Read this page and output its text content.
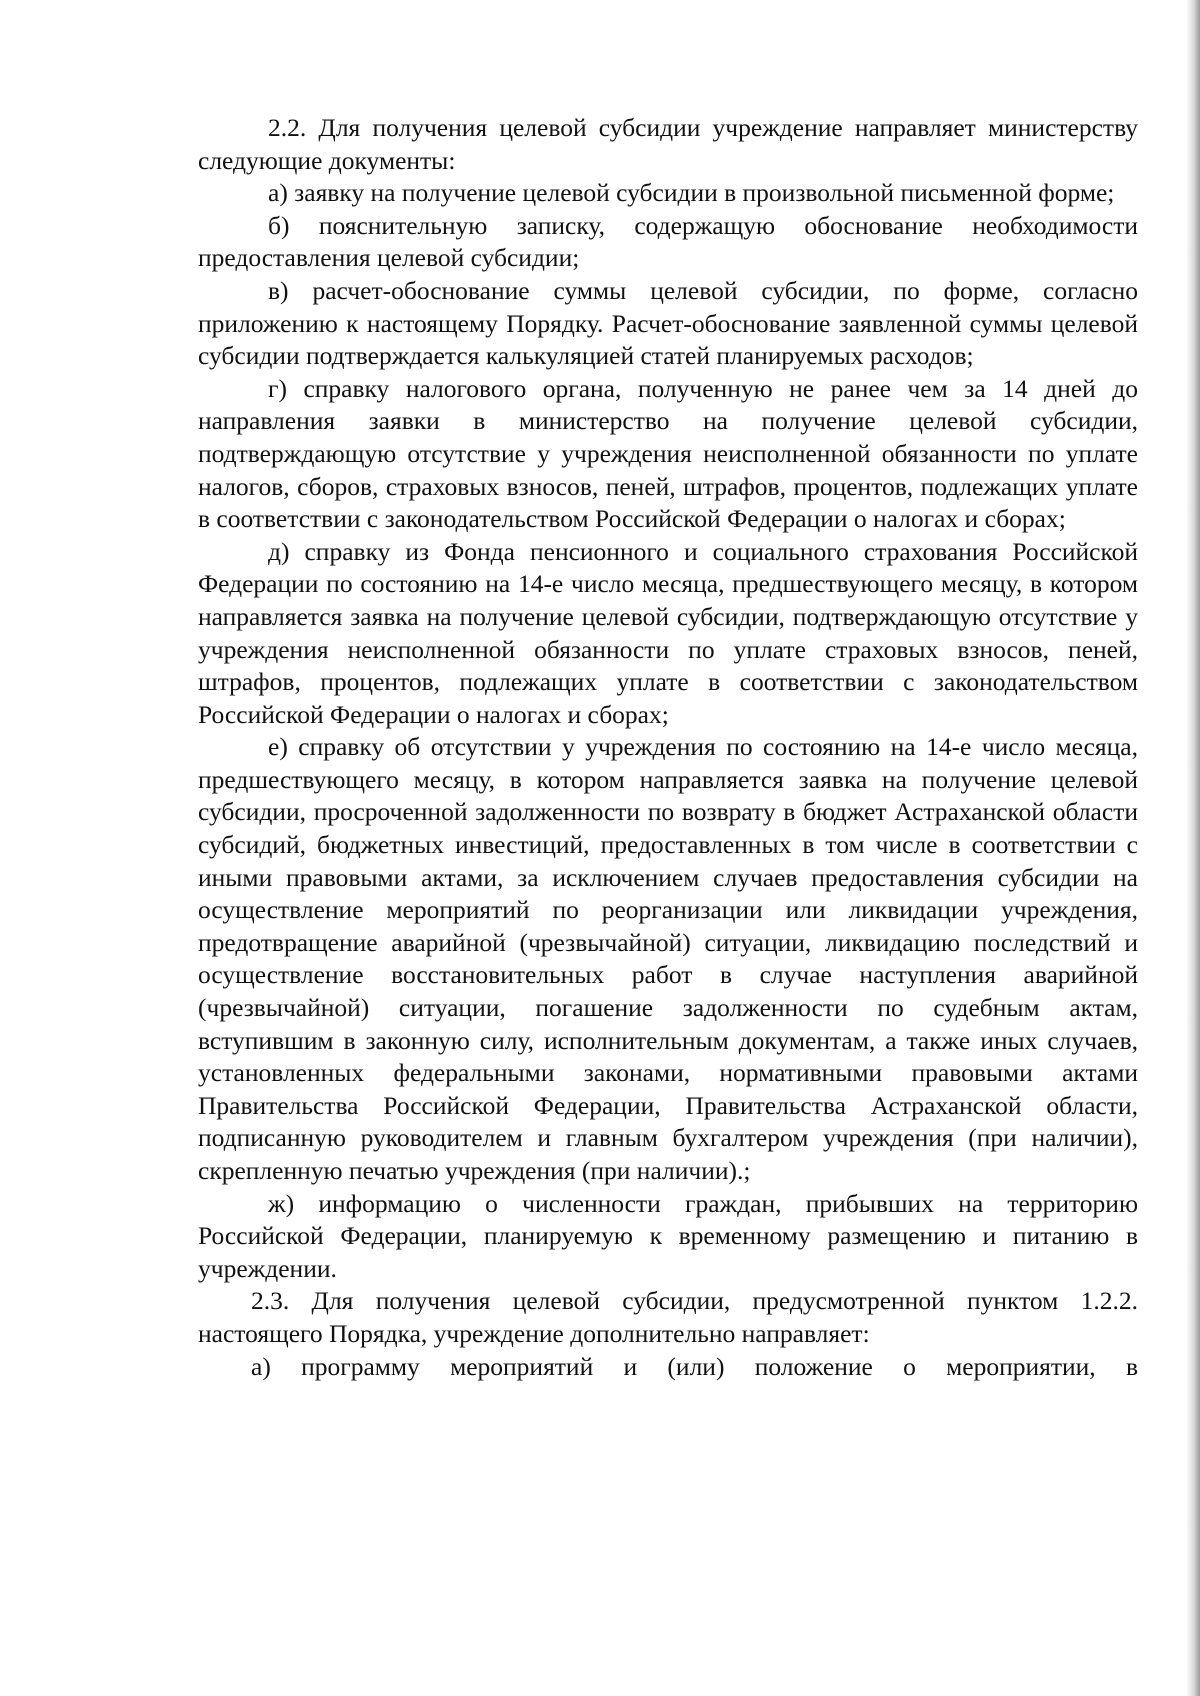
2.2. Для получения целевой субсидии учреждение направляет министерству следующие документы:

а) заявку на получение целевой субсидии в произвольной письменной форме;

б) пояснительную записку, содержащую обоснование необходимости предоставления целевой субсидии;

в) расчет-обоснование суммы целевой субсидии, по форме, согласно приложению к настоящему Порядку. Расчет-обоснование заявленной суммы целевой субсидии подтверждается калькуляцией статей планируемых расходов;

г) справку налогового органа, полученную не ранее чем за 14 дней до направления заявки в министерство на получение целевой субсидии, подтверждающую отсутствие у учреждения неисполненной обязанности по уплате налогов, сборов, страховых взносов, пеней, штрафов, процентов, подлежащих уплате в соответствии с законодательством Российской Федерации о налогах и сборах;

д) справку из Фонда пенсионного и социального страхования Российской Федерации по состоянию на 14-е число месяца, предшествующего месяцу, в котором направляется заявка на получение целевой субсидии, подтверждающую отсутствие у учреждения неисполненной обязанности по уплате страховых взносов, пеней, штрафов, процентов, подлежащих уплате в соответствии с законодательством Российской Федерации о налогах и сборах;

е) справку об отсутствии у учреждения по состоянию на 14-е число месяца, предшествующего месяцу, в котором направляется заявка на получение целевой субсидии, просроченной задолженности по возврату в бюджет Астраханской области субсидий, бюджетных инвестиций, предоставленных в том числе в соответствии с иными правовыми актами, за исключением случаев предоставления субсидии на осуществление мероприятий по реорганизации или ликвидации учреждения, предотвращение аварийной (чрезвычайной) ситуации, ликвидацию последствий и осуществление восстановительных работ в случае наступления аварийной (чрезвычайной) ситуации, погашение задолженности по судебным актам, вступившим в законную силу, исполнительным документам, а также иных случаев, установленных федеральными законами, нормативными правовыми актами Правительства Российской Федерации, Правительства Астраханской области, подписанную руководителем и главным бухгалтером учреждения (при наличии), скрепленную печатью учреждения (при наличии).;

ж) информацию о численности граждан, прибывших на территорию Российской Федерации, планируемую к временному размещению и питанию в учреждении.

2.3. Для получения целевой субсидии, предусмотренной пунктом 1.2.2. настоящего Порядка, учреждение дополнительно направляет:

а) программу мероприятий и (или) положение о мероприятии, в
